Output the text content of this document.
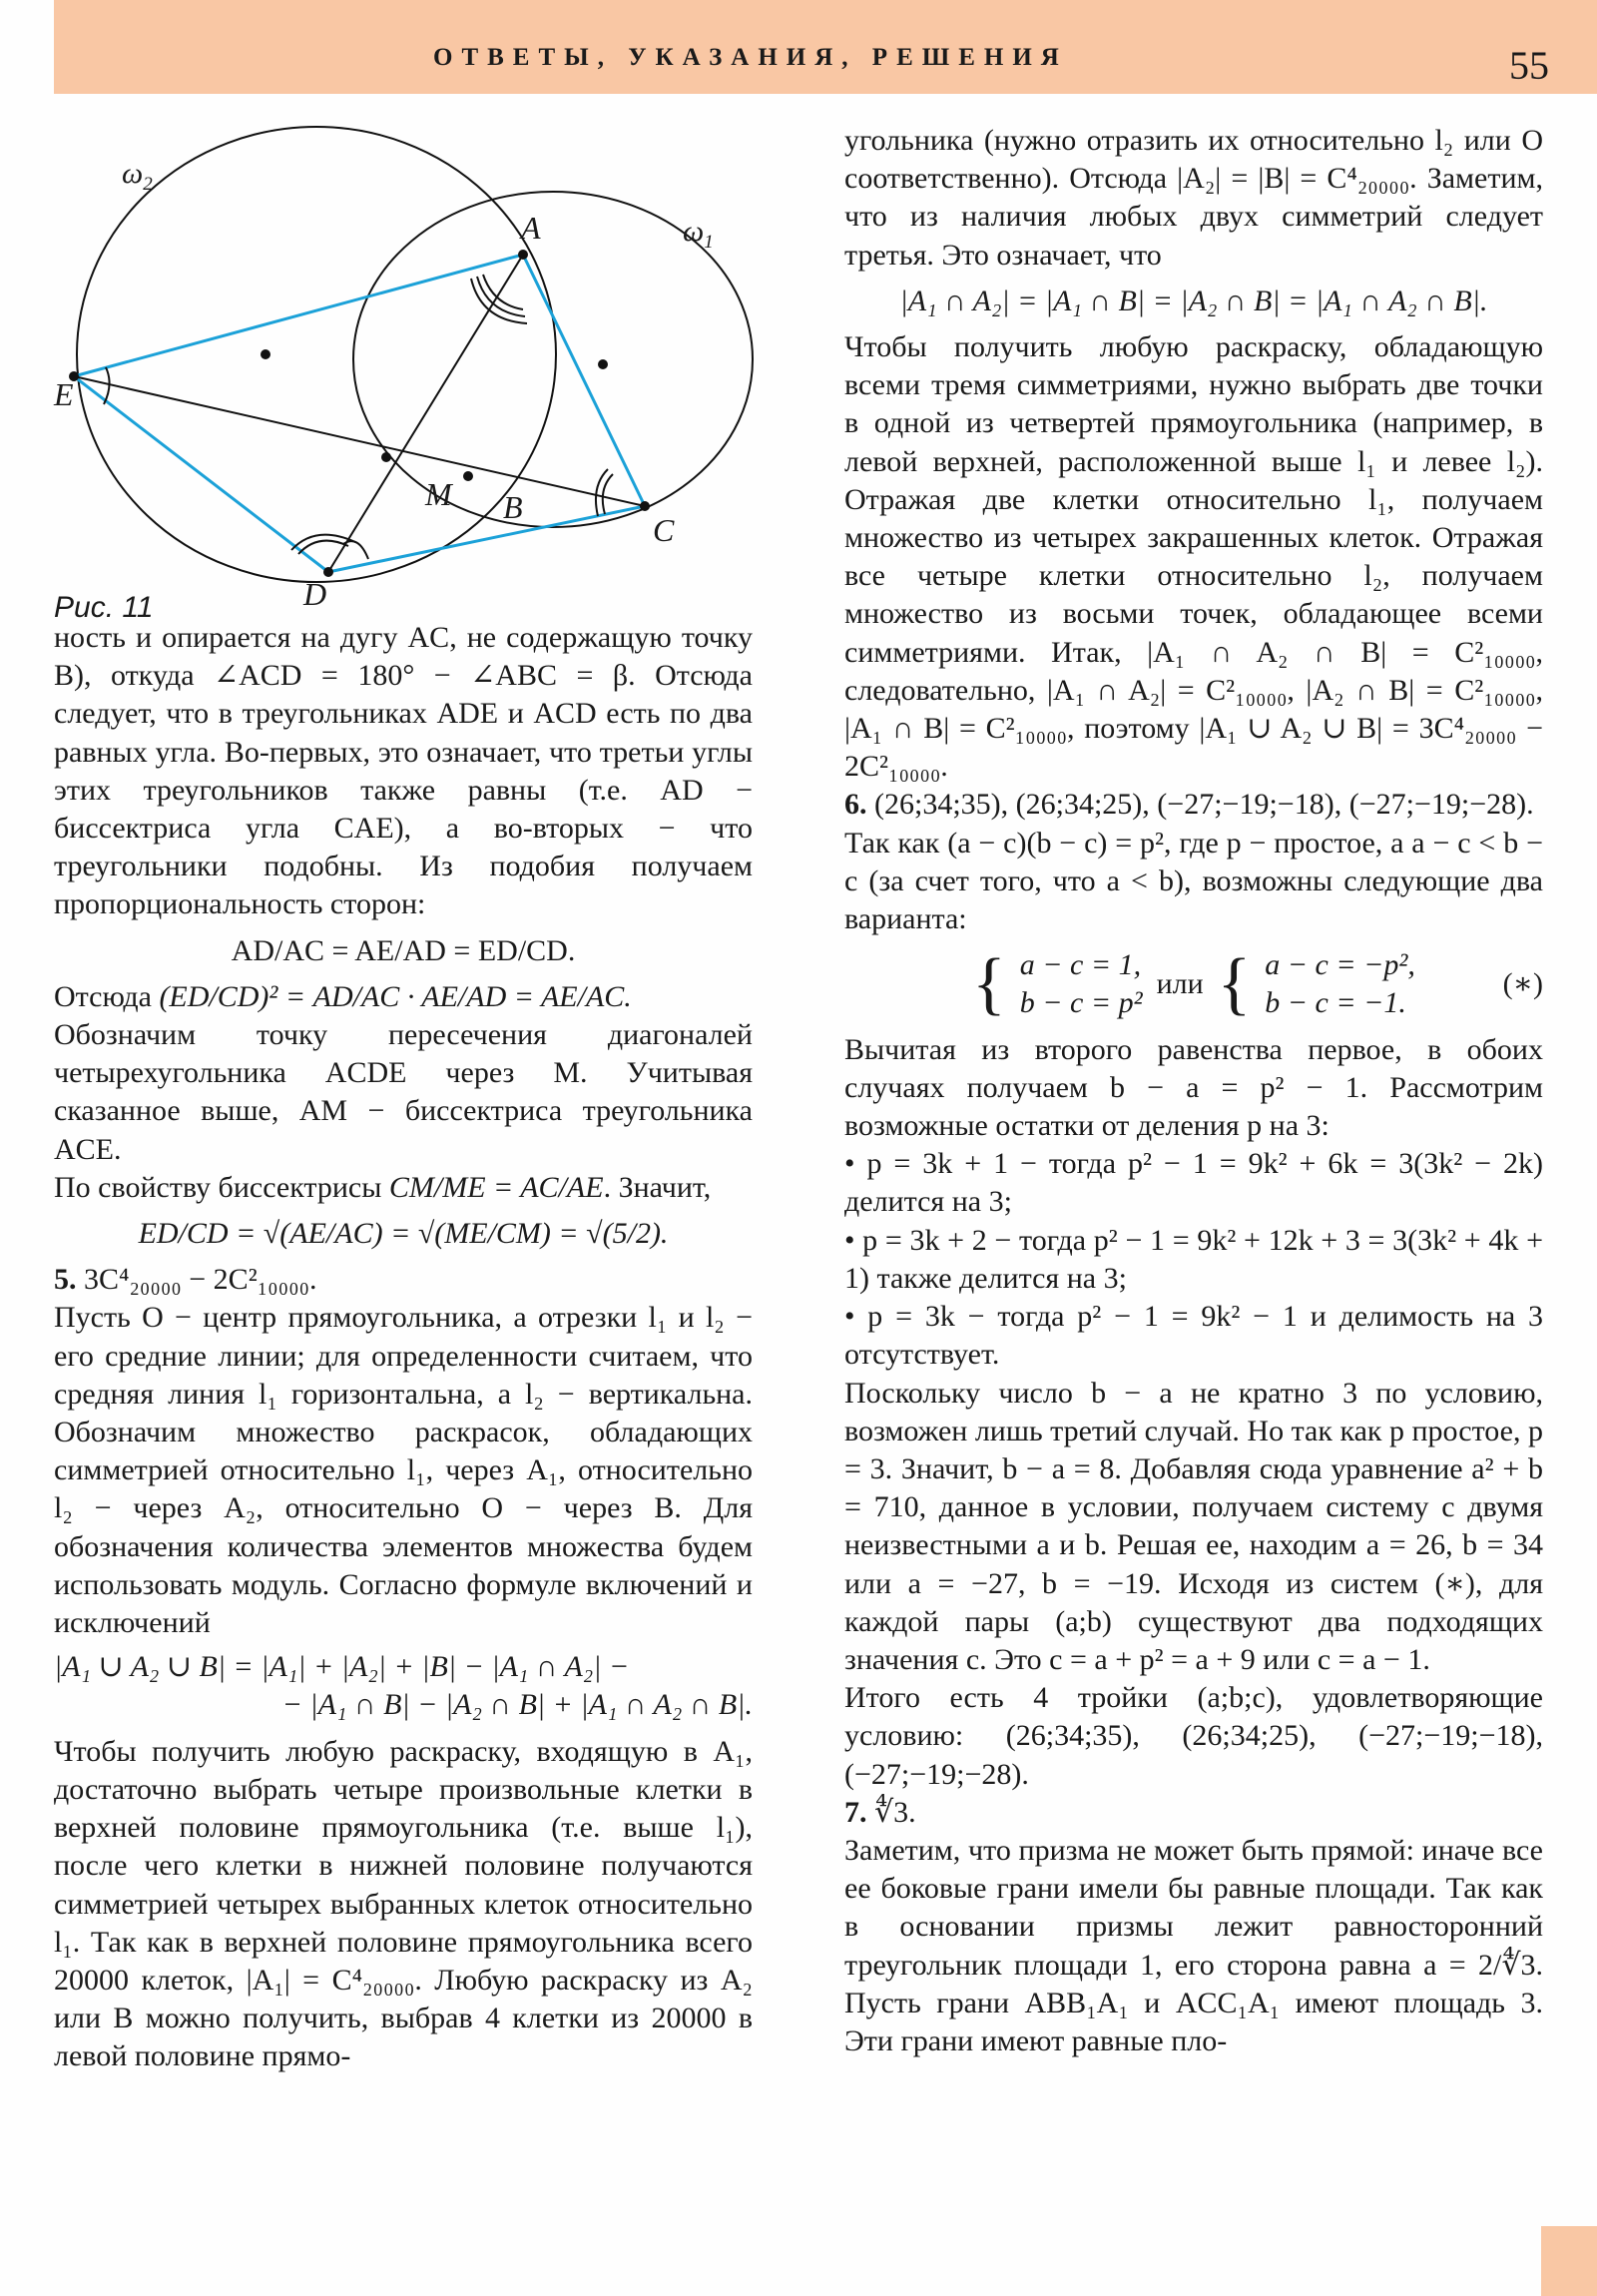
ОТВЕТЫ, УКАЗАНИЯ, РЕШЕНИЯ	55
$\omega_2$
$\omega_1$
A
E
M B
C
D
Рис. 11

ность и опирается на дугу AC, не содержащую точку B), откуда ∠ACD = 180° − ∠ABC = β. Отсюда следует, что в треугольниках ADE и ACD есть по два равных угла. Во-первых, это означает, что третьи углы этих треугольников также равны (т.е. AD − биссектриса угла CAE), а во-вторых − что треугольники подобны. Из подобия получаем пропорциональность сторон:

AD/AC = AE/AD = ED/CD.

Отсюда (ED/CD)² = AD/AC · AE/AD = AE/AC.

Обозначим точку пересечения диагоналей четырехугольника ACDE через M. Учитывая сказанное выше, AM − биссектриса треугольника ACE.

По свойству биссектрисы CM/ME = AC/AE. Значит,

ED/CD = √(AE/AC) = √(ME/CM) = √(5/2).

5. 3C⁴₂₀₀₀₀ − 2C²₁₀₀₀₀.

Пусть O − центр прямоугольника, а отрезки l₁ и l₂ − его средние линии; для определенности считаем, что средняя линия l₁ горизонтальна, а l₂ − вертикальна. Обозначим множество раскрасок, обладающих симметрией относительно l₁, через A₁, относительно l₂ − через A₂, относительно O − через B. Для обозначения количества элементов множества будем использовать модуль. Согласно формуле включений и исключений

|A₁ ∪ A₂ ∪ B| = |A₁| + |A₂| + |B| − |A₁ ∩ A₂| −

− |A₁ ∩ B| − |A₂ ∩ B| + |A₁ ∩ A₂ ∩ B|.

Чтобы получить любую раскраску, входящую в A₁, достаточно выбрать четыре произвольные клетки в верхней половине прямоугольника (т.е. выше l₁), после чего клетки в нижней половине получаются симметрией четырех выбранных клеток относительно l₁. Так как в верхней половине прямоугольника всего 20000 клеток, |A₁| = C⁴₂₀₀₀₀. Любую раскраску из A₂ или B можно получить, выбрав 4 клетки из 20000 в левой половине прямо-

угольника (нужно отразить их относительно l₂ или O соответственно). Отсюда |A₂| = |B| = C⁴₂₀₀₀₀. Заметим, что из наличия любых двух симметрий следует третья. Это означает, что

|A₁ ∩ A₂| = |A₁ ∩ B| = |A₂ ∩ B| = |A₁ ∩ A₂ ∩ B|.

Чтобы получить любую раскраску, обладающую всеми тремя симметриями, нужно выбрать две точки в одной из четвертей прямоугольника (например, в левой верхней, расположенной выше l₁ и левее l₂). Отражая две клетки относительно l₁, получаем множество из четырех закрашенных клеток. Отражая все четыре клетки относительно l₂, получаем множество из восьми точек, обладающее всеми симметриями. Итак, |A₁ ∩ A₂ ∩ B| = C²₁₀₀₀₀, следовательно, |A₁ ∩ A₂| = C²₁₀₀₀₀, |A₂ ∩ B| = C²₁₀₀₀₀, |A₁ ∩ B| = C²₁₀₀₀₀, поэтому |A₁ ∪ A₂ ∪ B| = 3C⁴₂₀₀₀₀ − 2C²₁₀₀₀₀.

6. (26;34;35), (26;34;25), (−27;−19;−18), (−27;−19;−28).

Так как (a − c)(b − c) = p², где p − простое, а a − c < b − c (за счет того, что a < b), возможны следующие два варианта:

{ a − c = 1,
b − c = p²
или { a − c = −p²,
b − c = −1.
(∗)

Вычитая из второго равенства первое, в обоих случаях получаем b − a = p² − 1. Рассмотрим возможные остатки от деления p на 3:

• p = 3k + 1 − тогда p² − 1 = 9k² + 6k = 3(3k² − 2k) делится на 3;

• p = 3k + 2 − тогда p² − 1 = 9k² + 12k + 3 = 3(3k² + 4k + 1) также делится на 3;

• p = 3k − тогда p² − 1 = 9k² − 1 и делимость на 3 отсутствует.

Поскольку число b − a не кратно 3 по условию, возможен лишь третий случай. Но так как p простое, p = 3. Значит, b − a = 8. Добавляя сюда уравнение a² + b = 710, данное в условии, получаем систему с двумя неизвестными a и b. Решая ее, находим a = 26, b = 34 или a = −27, b = −19. Исходя из систем (∗), для каждой пары (a;b) существуют два подходящих значения c. Это c = a + p² = a + 9 или c = a − 1.

Итого есть 4 тройки (a;b;c), удовлетворяющие условию: (26;34;35), (26;34;25), (−27;−19;−18), (−27;−19;−28).

7. ∜3.

Заметим, что призма не может быть прямой: иначе все ее боковые грани имели бы равные площади. Так как в основании призмы лежит равносторонний треугольник площади 1, его сторона равна a = 2/∜3. Пусть грани ABB₁A₁ и ACC₁A₁ имеют площадь 3. Эти грани имеют равные пло-
